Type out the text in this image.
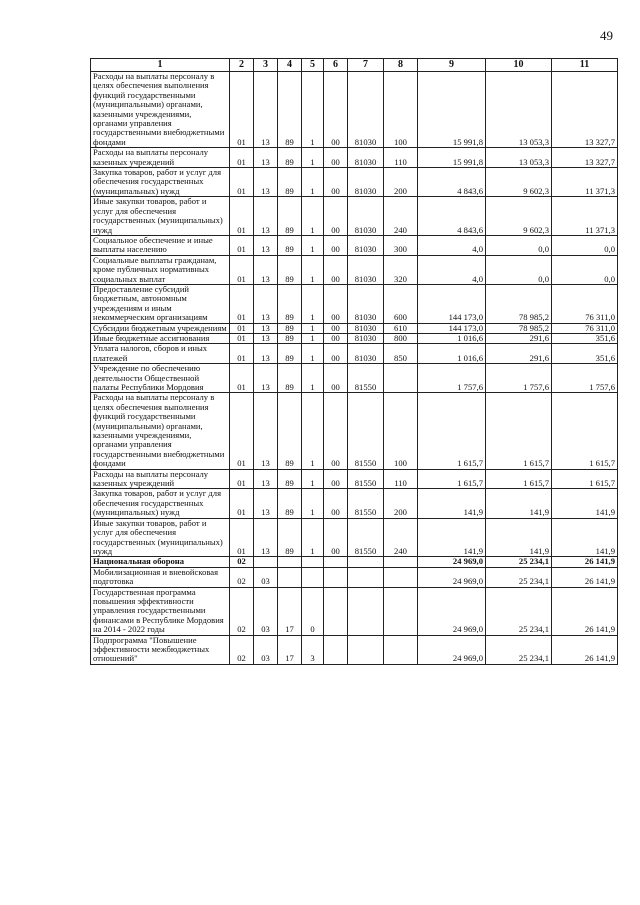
49
1	2	3	4	5	6	7	8	9	10	11
Расходы на выплаты персоналу в целях обеспечения выполнения функций государственными (муниципальными) органами, казенными учреждениями, органами управления государственными внебюджетными фондами	01	13	89	1	00	81030	100	15 991,8	13 053,3	13 327,7
Расходы на выплаты персоналу казенных учреждений	01	13	89	1	00	81030	110	15 991,8	13 053,3	13 327,7
Закупка товаров, работ и услуг для обеспечения государственных (муниципальных) нужд	01	13	89	1	00	81030	200	4 843,6	9 602,3	11 371,3
Иные закупки товаров, работ и услуг для обеспечения государственных (муниципальных) нужд	01	13	89	1	00	81030	240	4 843,6	9 602,3	11 371,3
Социальное обеспечение и иные выплаты населению	01	13	89	1	00	81030	300	4,0	0,0	0,0
Социальные выплаты гражданам, кроме публичных нормативных социальных выплат	01	13	89	1	00	81030	320	4,0	0,0	0,0
Предоставление субсидий бюджетным, автономным учреждениям и иным некоммерческим организациям	01	13	89	1	00	81030	600	144 173,0	78 985,2	76 311,0
Субсидии бюджетным учреждениям	01	13	89	1	00	81030	610	144 173,0	78 985,2	76 311,0
Иные бюджетные ассигнования	01	13	89	1	00	81030	800	1 016,6	291,6	351,6
Уплата налогов, сборов и иных платежей	01	13	89	1	00	81030	850	1 016,6	291,6	351,6
Учреждение по обеспечению деятельности Общественной палаты Республики Мордовия	01	13	89	1	00	81550		1 757,6	1 757,6	1 757,6
Расходы на выплаты персоналу в целях обеспечения выполнения функций государственными (муниципальными) органами, казенными учреждениями, органами управления государственными внебюджетными фондами	01	13	89	1	00	81550	100	1 615,7	1 615,7	1 615,7
Расходы на выплаты персоналу казенных учреждений	01	13	89	1	00	81550	110	1 615,7	1 615,7	1 615,7
Закупка товаров, работ и услуг для обеспечения государственных (муниципальных) нужд	01	13	89	1	00	81550	200	141,9	141,9	141,9
Иные закупки товаров, работ и услуг для обеспечения государственных (муниципальных) нужд	01	13	89	1	00	81550	240	141,9	141,9	141,9
Национальная оборона	02							24 969,0	25 234,1	26 141,9
Мобилизационная и вневойсковая подготовка	02	03						24 969,0	25 234,1	26 141,9
Государственная программа повышения эффективности управления государственными финансами в Республике Мордовия на 2014 - 2022 годы	02	03	17	0				24 969,0	25 234,1	26 141,9
Подпрограмма "Повышение эффективности межбюджетных отношений"	02	03	17	3				24 969,0	25 234,1	26 141,9
